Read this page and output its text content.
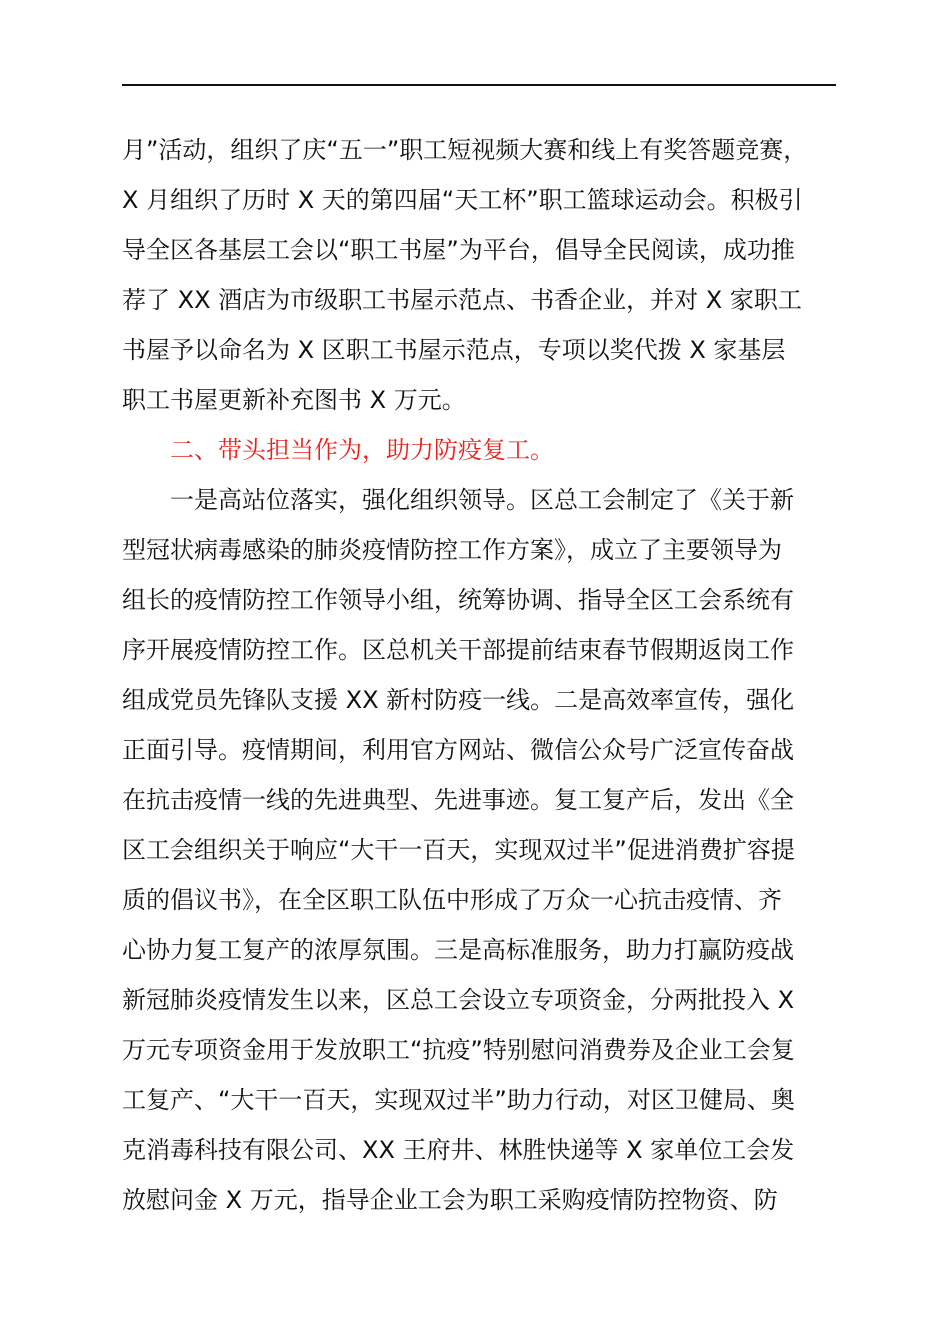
月”活动，组织了庆“五一”职工短视频大赛和线上有奖答题竞赛，
X 月组织了历时 X 天的第四届“天工杯”职工篮球运动会。积极引
导全区各基层工会以“职工书屋”为平台，倡导全民阅读，成功推
荐了 XX 酒店为市级职工书屋示范点、书香企业，并对 X 家职工
书屋予以命名为 X 区职工书屋示范点，专项以奖代拨 X 家基层
职工书屋更新补充图书 X 万元。
二、带头担当作为，助力防疫复工。
一是高站位落实，强化组织领导。区总工会制定了《关于新
型冠状病毒感染的肺炎疫情防控工作方案》，成立了主要领导为
组长的疫情防控工作领导小组，统筹协调、指导全区工会系统有
序开展疫情防控工作。区总机关干部提前结束春节假期返岗工作
组成党员先锋队支援 XX 新村防疫一线。二是高效率宣传，强化
正面引导。疫情期间，利用官方网站、微信公众号广泛宣传奋战
在抗击疫情一线的先进典型、先进事迹。复工复产后，发出《全
区工会组织关于响应“大干一百天，实现双过半”促进消费扩容提
质的倡议书》，在全区职工队伍中形成了万众一心抗击疫情、齐
心协力复工复产的浓厚氛围。三是高标准服务，助力打赢防疫战
新冠肺炎疫情发生以来，区总工会设立专项资金，分两批投入 X
万元专项资金用于发放职工“抗疫”特别慰问消费券及企业工会复
工复产、“大干一百天，实现双过半”助力行动，对区卫健局、奥
克消毒科技有限公司、XX 王府井、林胜快递等 X 家单位工会发
放慰问金 X 万元，指导企业工会为职工采购疫情防控物资、防
